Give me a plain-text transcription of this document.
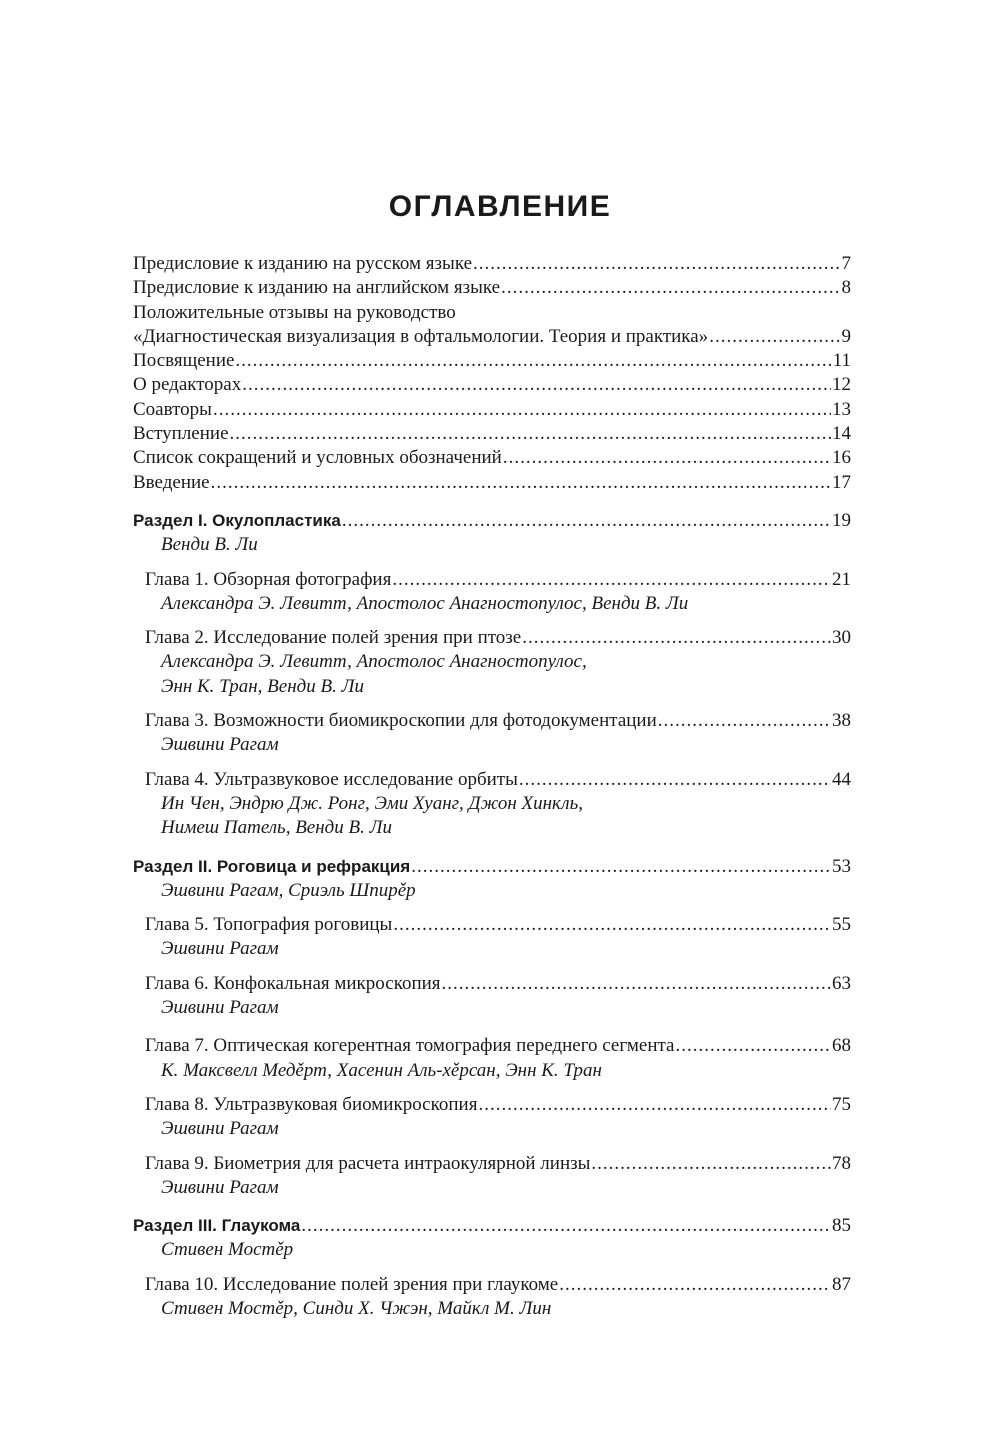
ОГЛАВЛЕНИЕ
Предисловие к изданию на русском языке .....	7
Предисловие к изданию на английском языке .....	8
Положительные отзывы на руководство
«Диагностическая визуализация в офтальмологии. Теория и практика» .....	9
Посвящение .....	11
О редакторах .....	12
Соавторы .....	13
Вступление .....	14
Список сокращений и условных обозначений .....	16
Введение .....	17
Раздел I. Окулопластика .....	19
Венди В. Ли
Глава 1. Обзорная фотография .....	21
Александра Э. Левитт, Апостолос Анагностопулос, Венди В. Ли
Глава 2. Исследование полей зрения при птозе .....	30
Александра Э. Левитт, Апостолос Анагностопулос,
Энн К. Тран, Венди В. Ли
Глава 3. Возможности биомикроскопии для фотодокументации .....	38
Эшвини Рагам
Глава 4. Ультразвуковое исследование орбиты .....	44
Ин Чен, Эндрю Дж. Ронг, Эми Хуанг, Джон Хинкль,
Нимеш Патель, Венди В. Ли
Раздел II. Роговица и рефракция .....	53
Эшвини Рагам, Сриэль Шпирěр
Глава 5. Топография роговицы .....	55
Эшвини Рагам
Глава 6. Конфокальная микроскопия .....	63
Эшвини Рагам
Глава 7. Оптическая когерентная томография переднего сегмента .....	68
К. Максвелл Медěрт, Хасенин Аль-хěрсан, Энн К. Тран
Глава 8. Ультразвуковая биомикроскопия .....	75
Эшвини Рагам
Глава 9. Биометрия для расчета интраокулярной линзы .....	78
Эшвини Рагам
Раздел III. Глаукома .....	85
Стивен Мостěр
Глава 10. Исследование полей зрения при глаукоме .....	87
Стивен Мостěр, Синди Х. Чжэн, Майкл М. Лин
